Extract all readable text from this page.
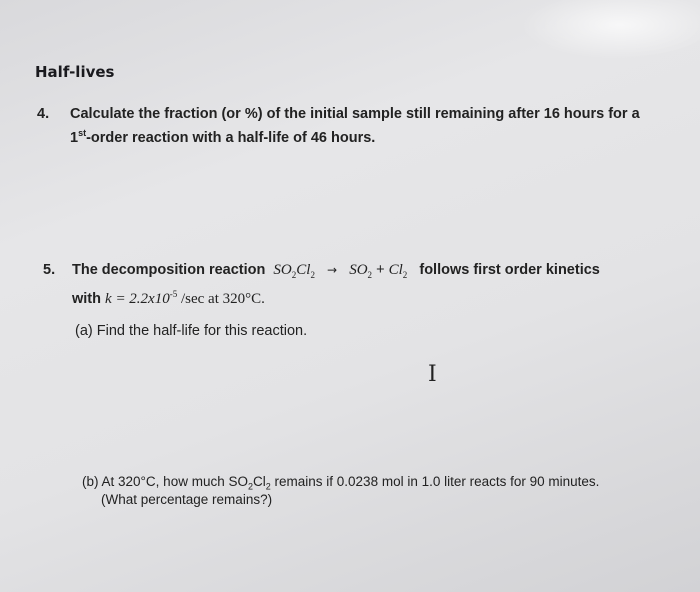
Half-lives
4. Calculate the fraction (or %) of the initial sample still remaining after 16 hours for a
1st-order reaction with a half-life of 46 hours.
5. The decomposition reaction $SO_2Cl_2 \to SO_2 + Cl_2$ follows first order kinetics
with $k = 2.2x10^{-5}$ /sec at 320°C.
(a) Find the half-life for this reaction.
I
(b) At 320°C, how much $SO_2Cl_2$ remains if 0.0238 mol in 1.0 liter reacts for 90 minutes.
(What percentage remains?)
